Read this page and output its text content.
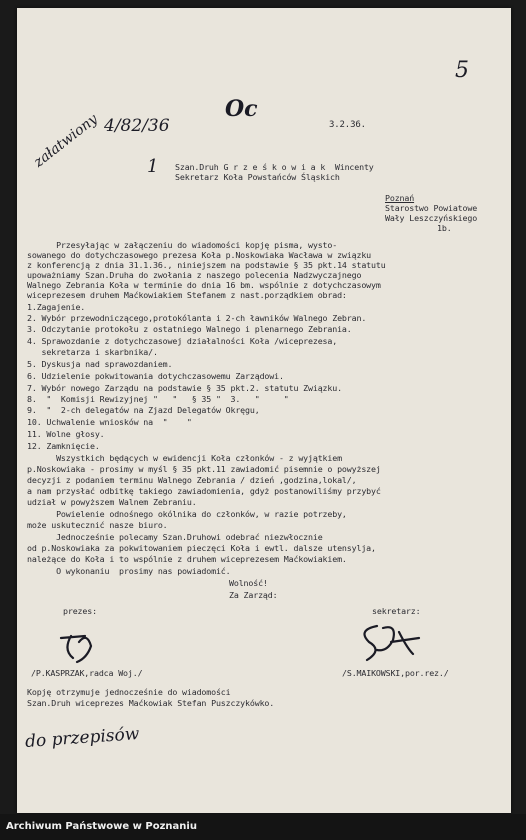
5
4/82/36
Oc
załatwiony	1
3.2.36.
Szan.Druh G r z e ś k o w i a k  Wincenty
Sekretarz Koła Powstańców Śląskich
Poznań
Starostwo Powiatowe
Wały Leszczyńskiego
1b.
Przesyłając w załączeniu do wiadomości kopję pisma, wysto-
sowanego do dotychczasowego prezesa Koła p.Noskowiaka Wacława w związku
z konferencją z dnia 31.1.36., niniejszem na podstawie § 35 pkt.14 statutu
upoważniamy Szan.Druha do zwołania z naszego polecenia Nadzwyczajnego
Walnego Zebrania Koła w terminie do dnia 16 bm. wspólnie z dotychczasowym
wiceprezesem druhem Maćkowiakiem Stefanem z nast.porządkiem obrad:
1.Zagajenie.
2. Wybór przewodniczącego,protokólanta i 2-ch ławników Walnego Zebran.
3. Odczytanie protokołu z ostatniego Walnego i plenarnego Zebrania.
4. Sprawozdanie z dotychczasowej działalności Koła /wiceprezesa,
sekretarza i skarbnika/.
5. Dyskusja nad sprawozdaniem.
6. Udzielenie pokwitowania dotychczasowemu Zarządowi.
7. Wybór nowego Zarządu na podstawie § 35 pkt.2. statutu Związku.
8.  "  Komisji Rewizyjnej "   "   § 35 "  3.   "     "
9.  "  2-ch delegatów na Zjazd Delegatów Okręgu,
10. Uchwalenie wniosków na  "    "
11. Wolne głosy.
12. Zamknięcie.
Wszystkich będących w ewidencji Koła członków - z wyjątkiem
p.Noskowiaka - prosimy w myśl § 35 pkt.11 zawiadomić pisemnie o powyższej
decyzji z podaniem terminu Walnego Zebrania / dzień ,godzina,lokal/,
a nam przysłać odbitkę takiego zawiadomienia, gdyż postanowiliśmy przybyć
udział w powyższem Walnem Zebraniu.
Powielenie odnośnego okólnika do członków, w razie potrzeby,
może uskutecznić nasze biuro.
Jednocześnie polecamy Szan.Druhowi odebrać niezwłocznie
od p.Noskowiaka za pokwitowaniem pieczęci Koła i ewtl. dalsze utensylja,
należące do Koła i to wspólnie z druhem wiceprezesem Maćkowiakiem.
O wykonaniu  prosimy nas powiadomić.
Wolność!
Za Zarząd:
prezes:	sekretarz:
/P.KASPRZAK,radca Woj./	/S.MAIKOWSKI,por.rez./
Kopję otrzymuje jednocześnie do wiadomości
Szan.Druh wiceprezes Maćkowiak Stefan Puszczykówko.
do przepisów
Archiwum Państwowe w Poznaniu
